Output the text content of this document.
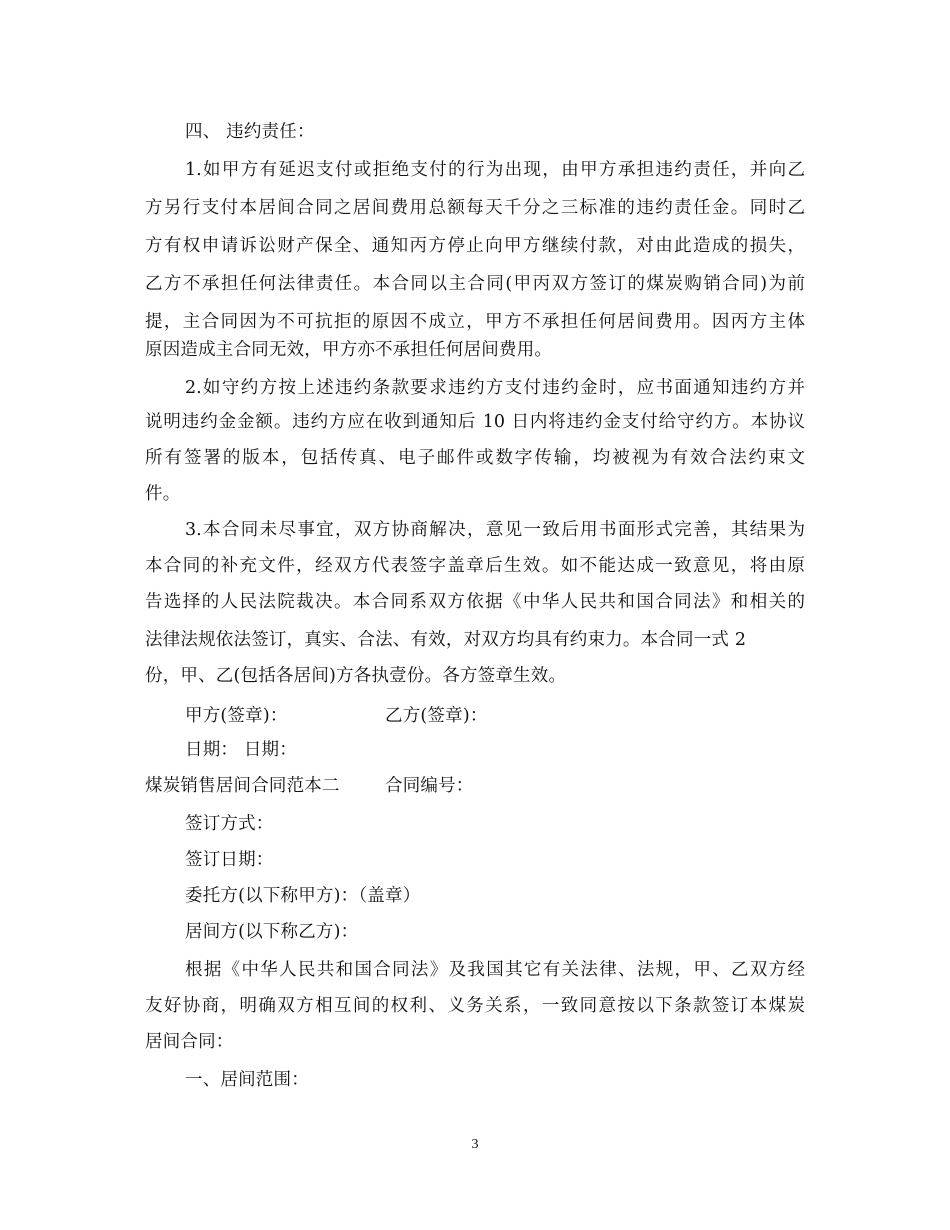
四、 违约责任：
1.如甲方有延迟支付或拒绝支付的行为出现，由甲方承担违约责任，并向乙
方另行支付本居间合同之居间费用总额每天千分之三标准的违约责任金。同时乙
方有权申请诉讼财产保全、通知丙方停止向甲方继续付款，对由此造成的损失，
乙方不承担任何法律责任。本合同以主合同(甲丙双方签订的煤炭购销合同)为前
提，主合同因为不可抗拒的原因不成立，甲方不承担任何居间费用。因丙方主体
原因造成主合同无效，甲方亦不承担任何居间费用。
2.如守约方按上述违约条款要求违约方支付违约金时，应书面通知违约方并
说明违约金金额。违约方应在收到通知后 10 日内将违约金支付给守约方。本协议
所有签署的版本，包括传真、电子邮件或数字传输，均被视为有效合法约束文
件。
3.本合同未尽事宜，双方协商解决，意见一致后用书面形式完善，其结果为
本合同的补充文件，经双方代表签字盖章后生效。如不能达成一致意见，将由原
告选择的人民法院裁决。本合同系双方依据《中华人民共和国合同法》和相关的
法律法规依法签订，真实、合法、有效，对双方均具有约束力。本合同一式 2
份，甲、乙(包括各居间)方各执壹份。各方签章生效。
甲方(签章)：	乙方(签章)：
日期： 日期：
煤炭销售居间合同范本二	合同编号：
签订方式：
签订日期：
委托方(以下称甲方)：（盖章）
居间方(以下称乙方)：
根据《中华人民共和国合同法》及我国其它有关法律、法规，甲、乙双方经
友好协商，明确双方相互间的权利、义务关系，一致同意按以下条款签订本煤炭
居间合同：
一、居间范围：
3
